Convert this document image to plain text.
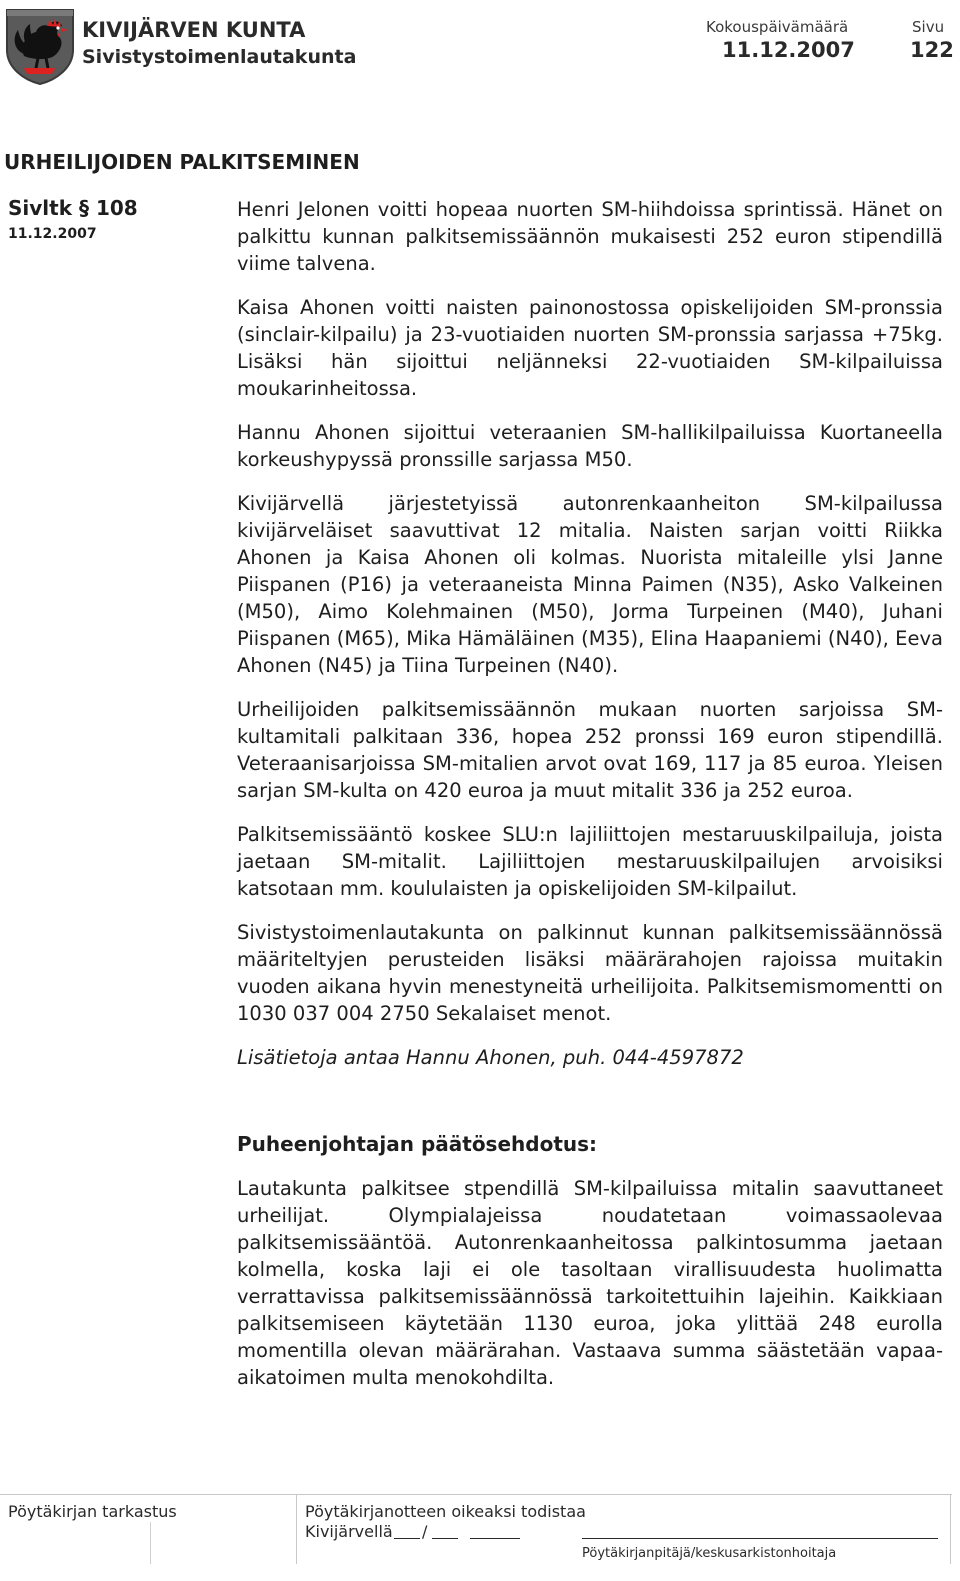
KIVIJÄRVEN KUNTA
Sivistystoimenlautakunta
Kokouspäivämäärä
11.12.2007
Sivu
122
URHEILIJOIDEN PALKITSEMINEN
Sivltk § 108
11.12.2007

Henri Jelonen voitti hopeaa nuorten SM-hiihdoissa sprintissä. Hänet on palkittu kunnan palkitsemissäännön mukaisesti 252 euron stipendillä viime talvena.

Kaisa Ahonen voitti naisten painonostossa opiskelijoiden SM-pronssia (sinclair-kilpailu) ja 23-vuotiaiden nuorten SM-pronssia sarjassa +75kg. Lisäksi hän sijoittui neljänneksi 22-vuotiaiden SM-kilpailuissa moukarinheitossa.

Hannu Ahonen sijoittui veteraanien SM-hallikilpailuissa Kuortaneella korkeushypyssä pronssille sarjassa M50.

Kivijärvellä järjestetyissä autonrenkaanheiton SM-kilpailussa kivijärveläiset saavuttivat 12 mitalia. Naisten sarjan voitti Riikka Ahonen ja Kaisa Ahonen oli kolmas. Nuorista mitaleille ylsi Janne Piispanen (P16) ja veteraaneista Minna Paimen (N35), Asko Valkeinen (M50), Aimo Kolehmainen (M50), Jorma Turpeinen (M40), Juhani Piispanen (M65), Mika Hämäläinen (M35), Elina Haapaniemi (N40), Eeva Ahonen (N45) ja Tiina Turpeinen (N40).

Urheilijoiden palkitsemissäännön mukaan nuorten sarjoissa SM-kultamitali palkitaan 336, hopea 252 pronssi 169 euron stipendillä. Veteraanisarjoissa SM-mitalien arvot ovat 169, 117 ja 85 euroa. Yleisen sarjan SM-kulta on 420 euroa ja muut mitalit 336 ja 252 euroa.

Palkitsemissääntö koskee SLU:n lajiliittojen mestaruuskilpailuja, joista jaetaan SM-mitalit. Lajiliittojen mestaruuskilpailujen arvoisiksi katsotaan mm. koululaisten ja opiskelijoiden SM-kilpailut.

Sivistystoimenlautakunta on palkinnut kunnan palkitsemissäännössä määriteltyjen perusteiden lisäksi määrärahojen rajoissa muitakin vuoden aikana hyvin menestyneitä urheilijoita. Palkitsemismomentti on 1030 037 004 2750 Sekalaiset menot.

Lisätietoja antaa Hannu Ahonen, puh. 044-4597872

Puheenjohtajan päätösehdotus:

Lautakunta palkitsee stpendillä SM-kilpailuissa mitalin saavuttaneet urheilijat. Olympialajeissa noudatetaan voimassaolevaa palkitsemissääntöä. Autonrenkaanheitossa palkintosumma jaetaan kolmella, koska laji ei ole tasoltaan virallisuudesta huolimatta verrattavissa palkitsemissäännössä tarkoitettuihin lajeihin. Kaikkiaan palkitsemiseen käytetään 1130 euroa, joka ylittää 248 eurolla momentilla olevan määrärahan. Vastaava summa säästetään vapaa-aikatoimen multa menokohdilta.

Pöytäkirjan tarkastus	Pöytäkirjanotteen oikeaksi todistaa
Kivijärvellä /
Pöytäkirjanpitäjä/keskusarkistonhoitaja
